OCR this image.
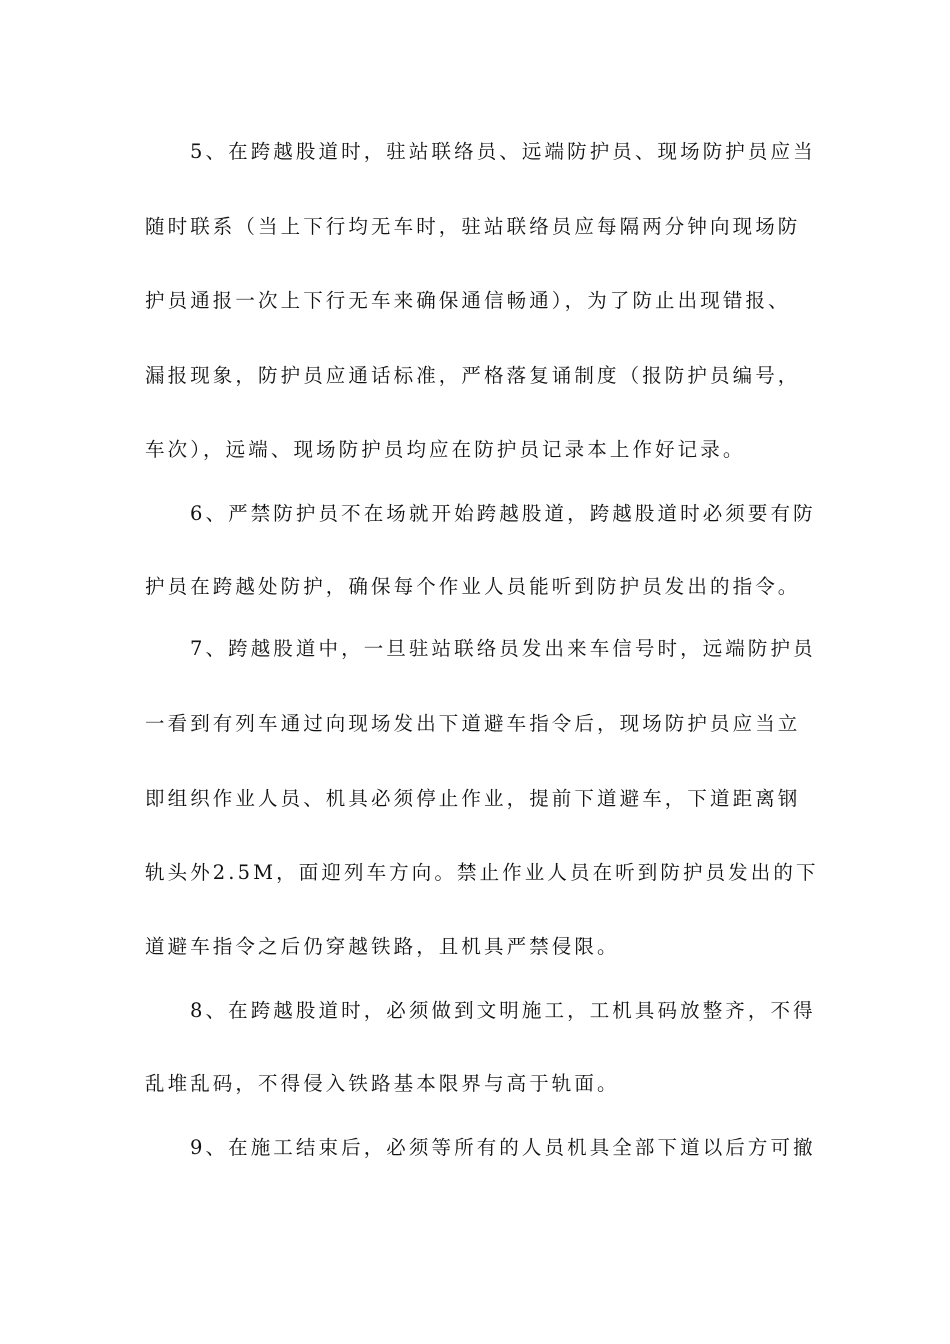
5、在跨越股道时，驻站联络员、远端防护员、现场防护员应当
随时联系（当上下行均无车时，驻站联络员应每隔两分钟向现场防
护员通报一次上下行无车来确保通信畅通），为了防止出现错报、
漏报现象，防护员应通话标准，严格落复诵制度（报防护员编号，
车次），远端、现场防护员均应在防护员记录本上作好记录。
6、严禁防护员不在场就开始跨越股道，跨越股道时必须要有防
护员在跨越处防护，确保每个作业人员能听到防护员发出的指令。
7、跨越股道中，一旦驻站联络员发出来车信号时，远端防护员
一看到有列车通过向现场发出下道避车指令后，现场防护员应当立
即组织作业人员、机具必须停止作业，提前下道避车，下道距离钢
轨头外2.5M，面迎列车方向。禁止作业人员在听到防护员发出的下
道避车指令之后仍穿越铁路，且机具严禁侵限。
8、在跨越股道时，必须做到文明施工，工机具码放整齐，不得
乱堆乱码，不得侵入铁路基本限界与高于轨面。
9、在施工结束后，必须等所有的人员机具全部下道以后方可撤
